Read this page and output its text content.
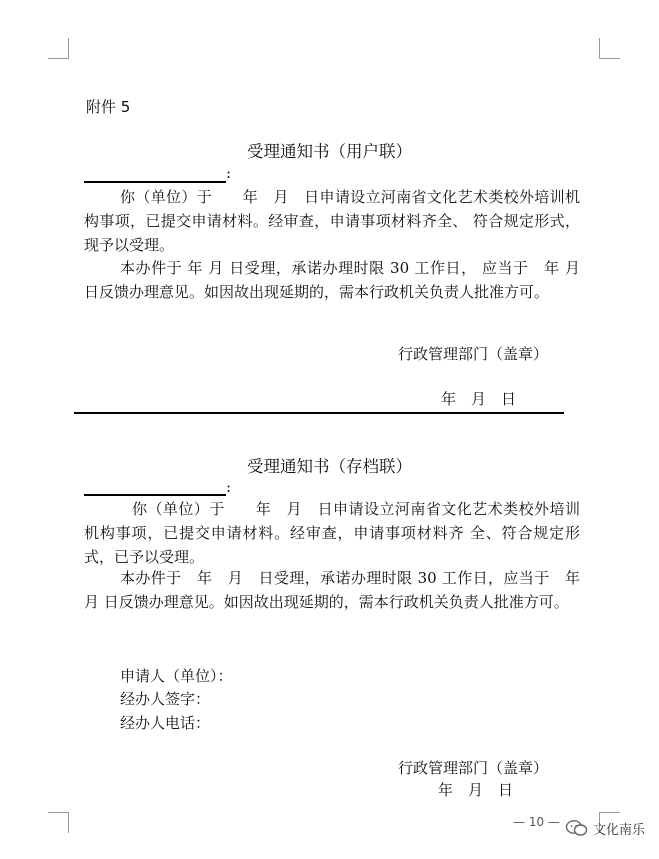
附件 5
受理通知书（用户联）
:

你（单位）于　　年　月　日申请设立河南省文化艺术类校外培训机构事项，已提交申请材料。经审查，申请事项材料齐全、 符合规定形式，现予以受理。

本办件于 年 月 日受理，承诺办理时限 30 工作日， 应当于　年 月 日反馈办理意见。如因故出现延期的，需本行政机关负责人批准方可。

行政管理部门（盖章）
年　月　日
受理通知书（存档联）
:

你（单位）于　　年　月　日申请设立河南省文化艺术类校外培训机构事项，已提交申请材料。经审查，申请事项材料齐 全、符合规定形式，已予以受理。

本办件于　年　月　日受理，承诺办理时限 30 工作日，应当于　年 月 日反馈办理意见。如因故出现延期的，需本行政机关负责人批准方可。

申请人（单位）：
经办人签字：
经办人电话：
行政管理部门（盖章）
年　月　日
— 10 —
文化南乐
